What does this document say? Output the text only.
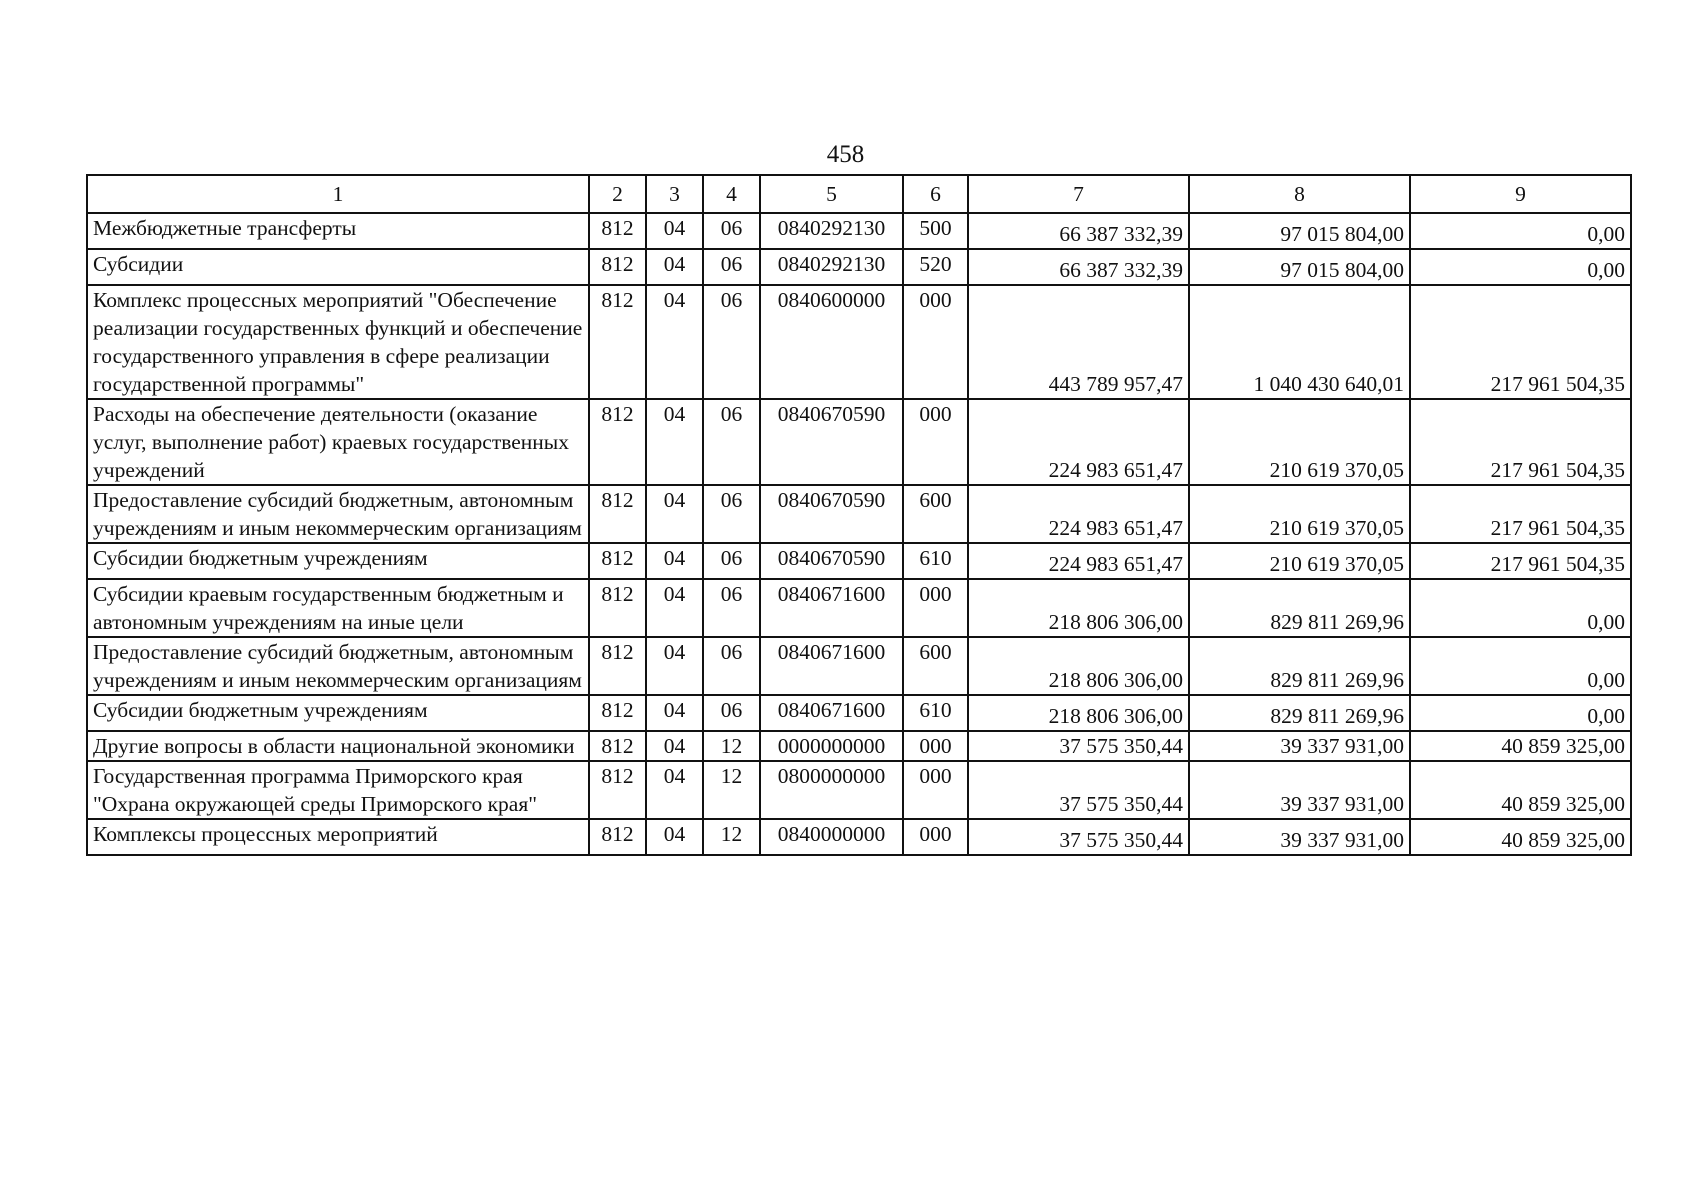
458
1	2	3	4	5	6	7	8	9
Межбюджетные трансферты	812	04	06	0840292130	500	66 387 332,39	97 015 804,00	0,00
Субсидии	812	04	06	0840292130	520	66 387 332,39	97 015 804,00	0,00
Комплекс процессных мероприятий "Обеспечение реализации государственных функций и обеспечение государственного управления в сфере реализации государственной программы"	812	04	06	0840600000	000	443 789 957,47	1 040 430 640,01	217 961 504,35
Расходы на обеспечение деятельности (оказание услуг, выполнение работ) краевых государственных учреждений	812	04	06	0840670590	000	224 983 651,47	210 619 370,05	217 961 504,35
Предоставление субсидий бюджетным, автономным учреждениям и иным некоммерческим организациям	812	04	06	0840670590	600	224 983 651,47	210 619 370,05	217 961 504,35
Субсидии бюджетным учреждениям	812	04	06	0840670590	610	224 983 651,47	210 619 370,05	217 961 504,35
Субсидии краевым государственным бюджетным и автономным учреждениям на иные цели	812	04	06	0840671600	000	218 806 306,00	829 811 269,96	0,00
Предоставление субсидий бюджетным, автономным учреждениям и иным некоммерческим организациям	812	04	06	0840671600	600	218 806 306,00	829 811 269,96	0,00
Субсидии бюджетным учреждениям	812	04	06	0840671600	610	218 806 306,00	829 811 269,96	0,00
Другие вопросы в области национальной экономики	812	04	12	0000000000	000	37 575 350,44	39 337 931,00	40 859 325,00
Государственная программа Приморского края "Охрана окружающей среды Приморского края"	812	04	12	0800000000	000	37 575 350,44	39 337 931,00	40 859 325,00
Комплексы процессных мероприятий	812	04	12	0840000000	000	37 575 350,44	39 337 931,00	40 859 325,00
